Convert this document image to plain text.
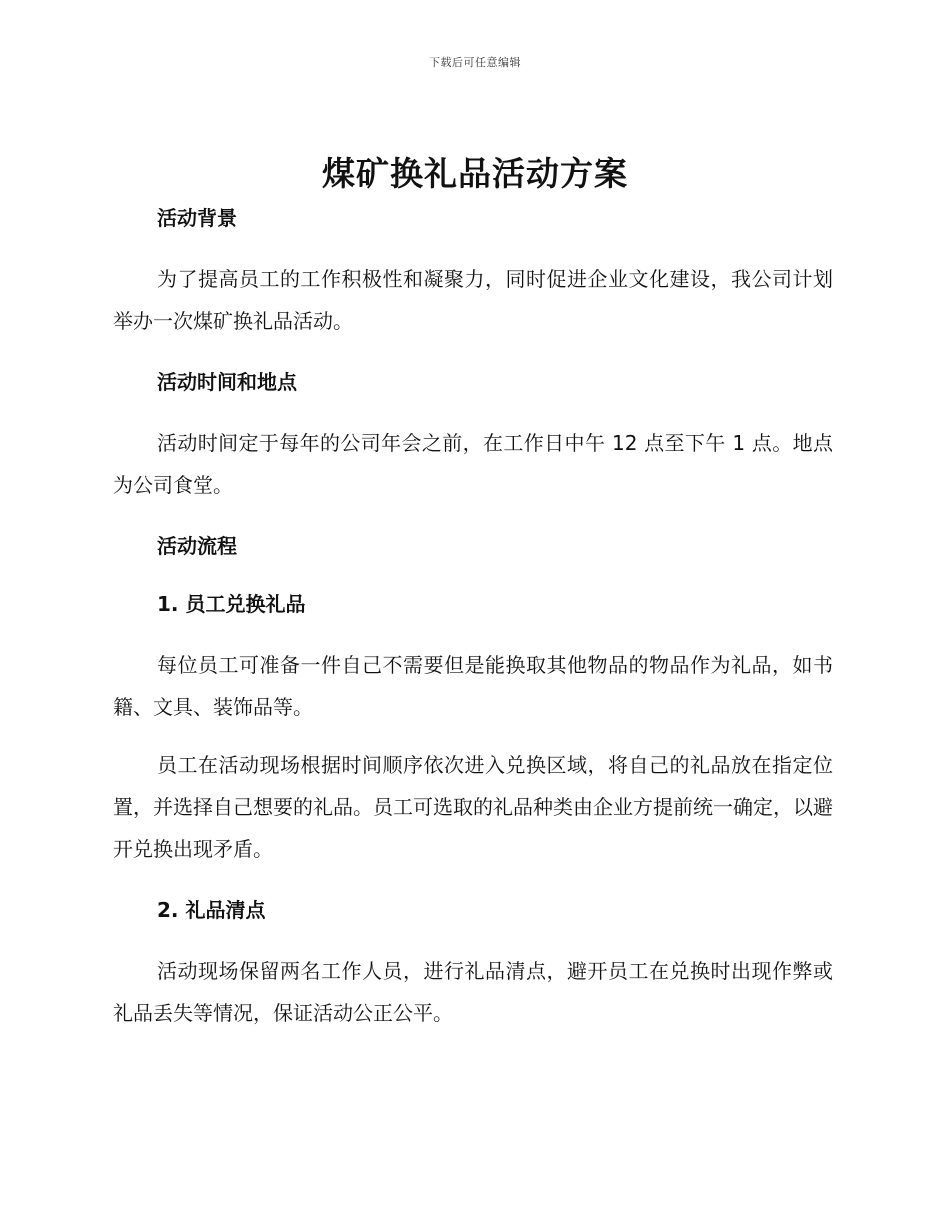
下载后可任意编辑
煤矿换礼品活动方案
活动背景

为了提高员工的工作积极性和凝聚力，同时促进企业文化建设，我公司计划举办一次煤矿换礼品活动。

活动时间和地点

活动时间定于每年的公司年会之前，在工作日中午 12 点至下午 1 点。地点为公司食堂。

活动流程
1. 员工兑换礼品

每位员工可准备一件自己不需要但是能换取其他物品的物品作为礼品，如书籍、文具、装饰品等。

员工在活动现场根据时间顺序依次进入兑换区域，将自己的礼品放在指定位置，并选择自己想要的礼品。员工可选取的礼品种类由企业方提前统一确定，以避开兑换出现矛盾。

2. 礼品清点

活动现场保留两名工作人员，进行礼品清点，避开员工在兑换时出现作弊或礼品丢失等情况，保证活动公正公平。
